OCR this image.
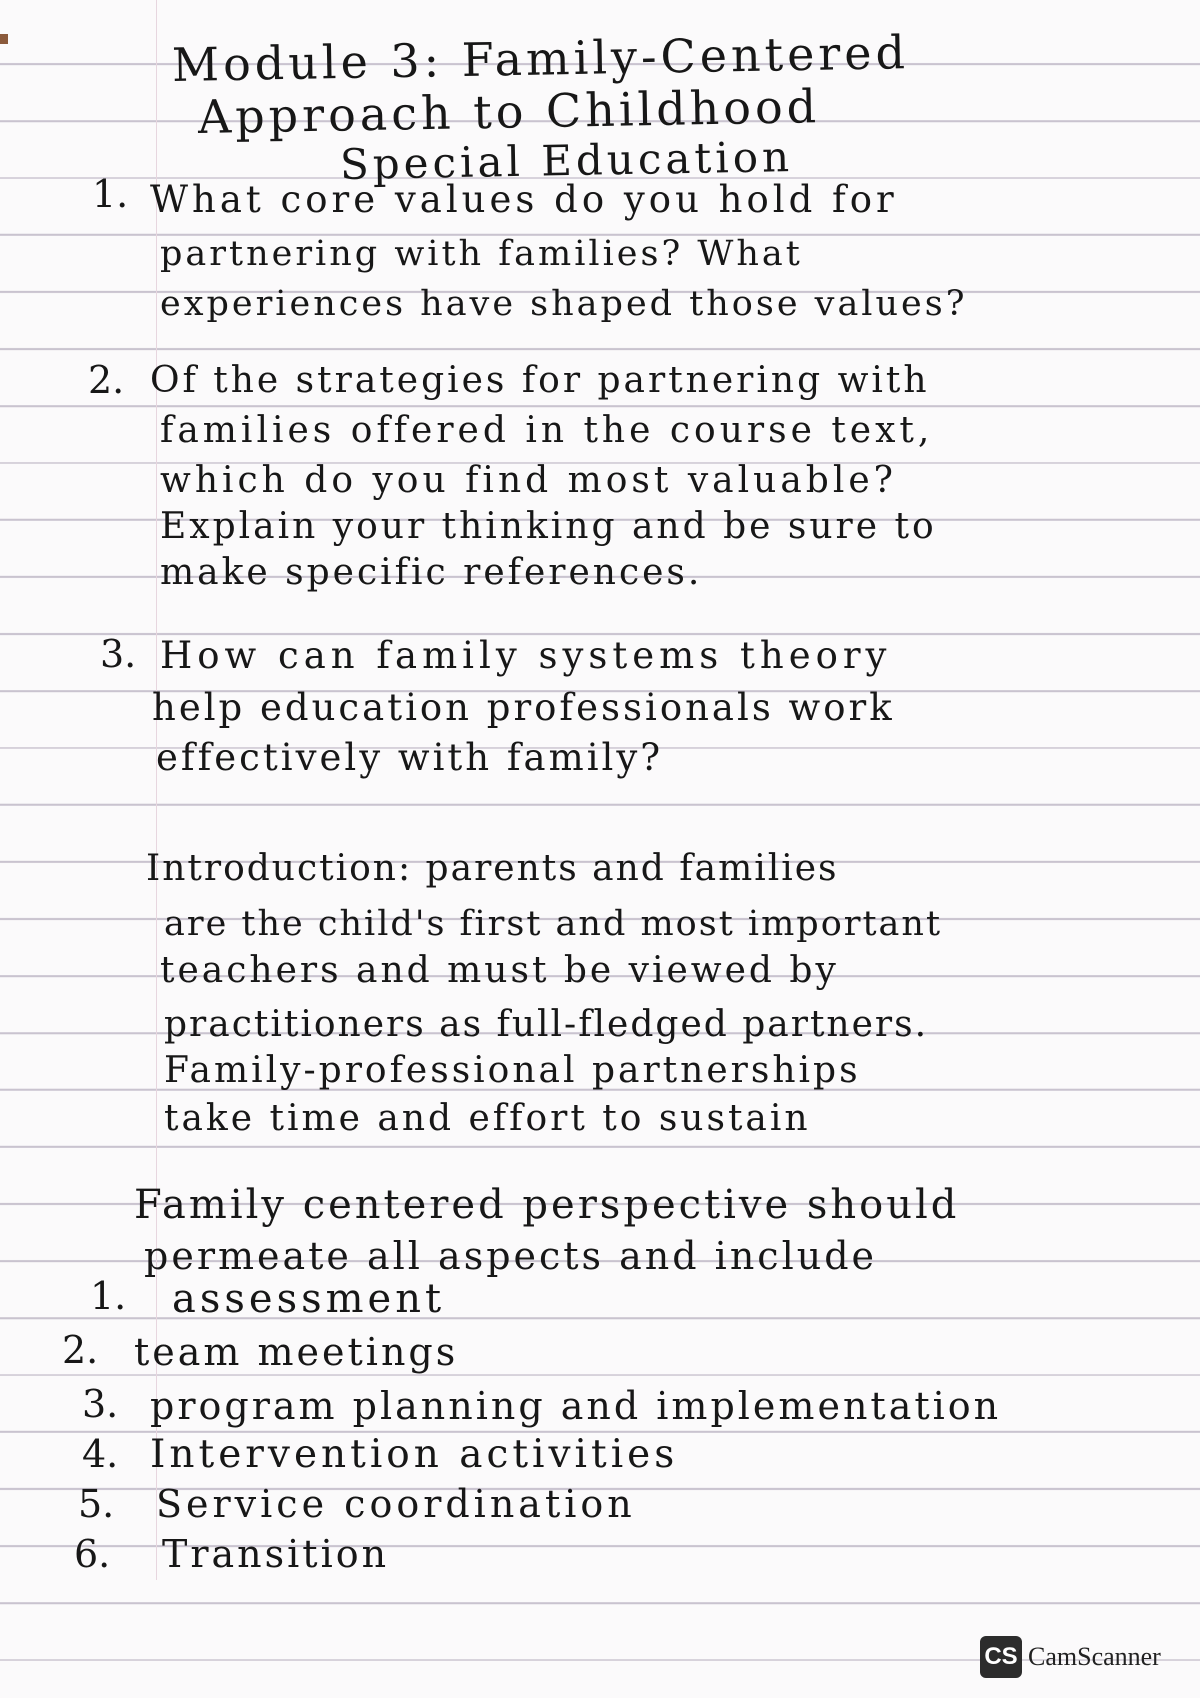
Module 3: Family-Centered
Approach to Childhood
Special Education
1. What core values do you hold for
partnering with families? What
experiences have shaped those values?
2. Of the strategies for partnering with
families offered in the course text,
which do you find most valuable?
Explain your thinking and be sure to
make specific references.
3. How can family systems theory
help education professionals work
effectively with family?
Introduction: parents and families
are the child's first and most important
teachers and must be viewed by
practitioners as full-fledged partners.
Family-professional partnerships
take time and effort to sustain
Family centered perspective should
permeate all aspects and include
1. assessment
2. team meetings
3. program planning and implementation
4. Intervention activities
5. Service coordination
6. Transition
CS CamScanner
